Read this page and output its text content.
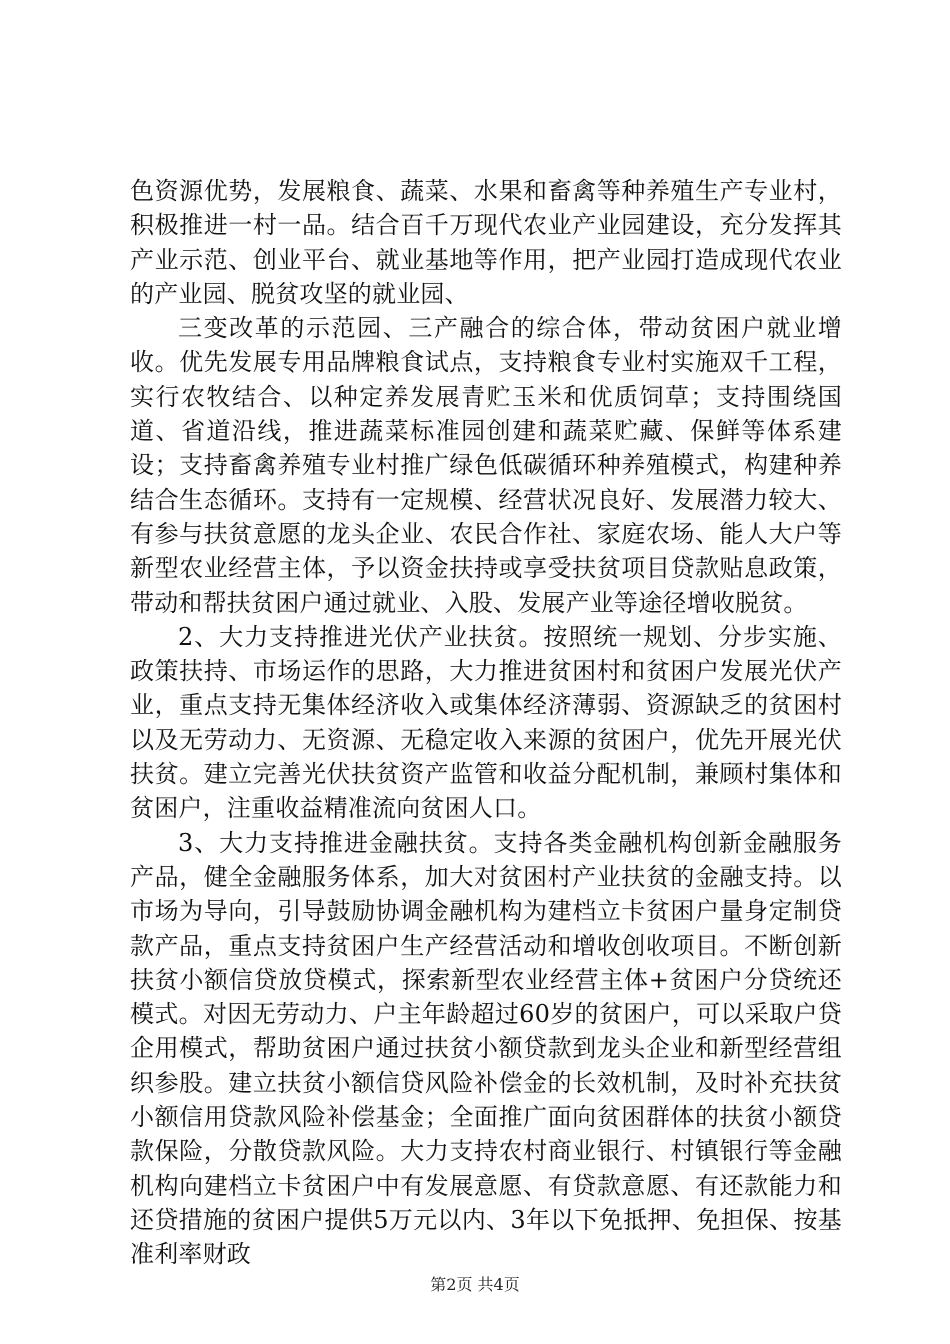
色资源优势，发展粮食、蔬菜、水果和畜禽等种养殖生产专业村，积极推进一村一品。结合百千万现代农业产业园建设，充分发挥其产业示范、创业平台、就业基地等作用，把产业园打造成现代农业的产业园、脱贫攻坚的就业园、

三变改革的示范园、三产融合的综合体，带动贫困户就业增收。优先发展专用品牌粮食试点，支持粮食专业村实施双千工程，实行农牧结合、以种定养发展青贮玉米和优质饲草；支持围绕国道、省道沿线，推进蔬菜标准园创建和蔬菜贮藏、保鲜等体系建设；支持畜禽养殖专业村推广绿色低碳循环种养殖模式，构建种养结合生态循环。支持有一定规模、经营状况良好、发展潜力较大、有参与扶贫意愿的龙头企业、农民合作社、家庭农场、能人大户等新型农业经营主体，予以资金扶持或享受扶贫项目贷款贴息政策，带动和帮扶贫困户通过就业、入股、发展产业等途径增收脱贫。

2、大力支持推进光伏产业扶贫。按照统一规划、分步实施、政策扶持、市场运作的思路，大力推进贫困村和贫困户发展光伏产业，重点支持无集体经济收入或集体经济薄弱、资源缺乏的贫困村以及无劳动力、无资源、无稳定收入来源的贫困户，优先开展光伏扶贫。建立完善光伏扶贫资产监管和收益分配机制，兼顾村集体和贫困户，注重收益精准流向贫困人口。

3、大力支持推进金融扶贫。支持各类金融机构创新金融服务产品，健全金融服务体系，加大对贫困村产业扶贫的金融支持。以市场为导向，引导鼓励协调金融机构为建档立卡贫困户量身定制贷款产品，重点支持贫困户生产经营活动和增收创收项目。不断创新扶贫小额信贷放贷模式，探索新型农业经营主体+贫困户分贷统还模式。对因无劳动力、户主年龄超过60岁的贫困户，可以采取户贷企用模式，帮助贫困户通过扶贫小额贷款到龙头企业和新型经营组织参股。建立扶贫小额信贷风险补偿金的长效机制，及时补充扶贫小额信用贷款风险补偿基金；全面推广面向贫困群体的扶贫小额贷款保险，分散贷款风险。大力支持农村商业银行、村镇银行等金融机构向建档立卡贫困户中有发展意愿、有贷款意愿、有还款能力和还贷措施的贫困户提供5万元以内、3年以下免抵押、免担保、按基准利率财政

第2页 共4页
